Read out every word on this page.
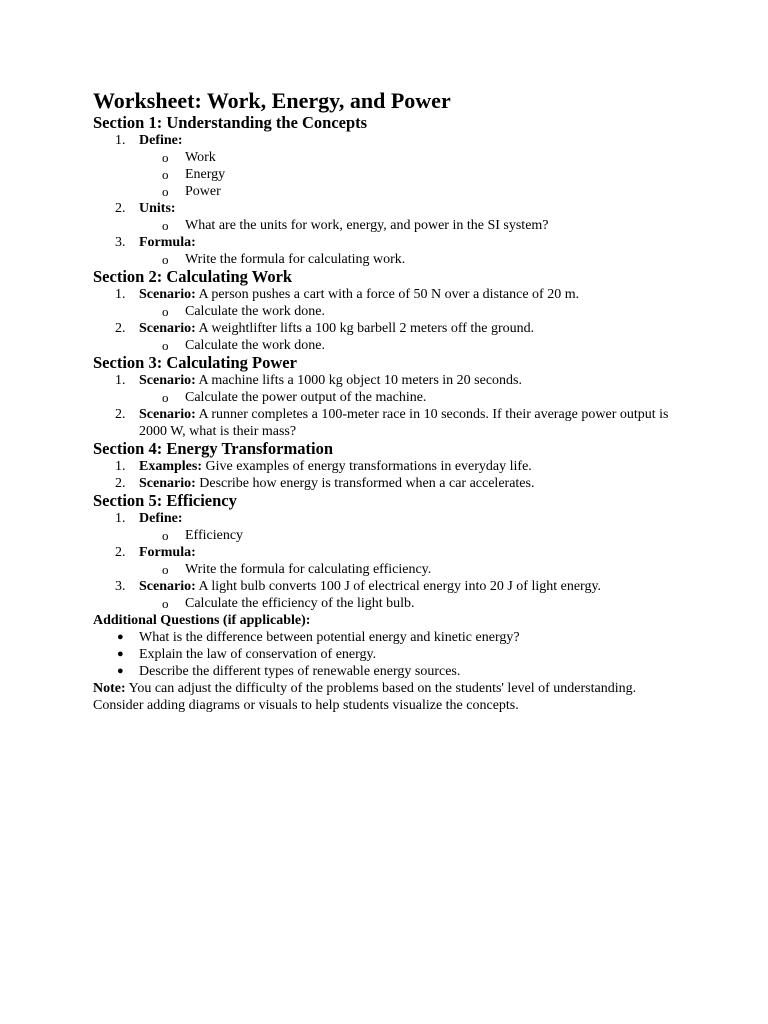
Worksheet: Work, Energy, and Power
Section 1: Understanding the Concepts
1. Define:
o Work
o Energy
o Power
2. Units:
o What are the units for work, energy, and power in the SI system?
3. Formula:
o Write the formula for calculating work.
Section 2: Calculating Work
1. Scenario: A person pushes a cart with a force of 50 N over a distance of 20 m.
o Calculate the work done.
2. Scenario: A weightlifter lifts a 100 kg barbell 2 meters off the ground.
o Calculate the work done.
Section 3: Calculating Power
1. Scenario: A machine lifts a 1000 kg object 10 meters in 20 seconds.
o Calculate the power output of the machine.
2. Scenario: A runner completes a 100-meter race in 10 seconds. If their average power output is 2000 W, what is their mass?
Section 4: Energy Transformation
1. Examples: Give examples of energy transformations in everyday life.
2. Scenario: Describe how energy is transformed when a car accelerates.
Section 5: Efficiency
1. Define:
o Efficiency
2. Formula:
o Write the formula for calculating efficiency.
3. Scenario: A light bulb converts 100 J of electrical energy into 20 J of light energy.
o Calculate the efficiency of the light bulb.
Additional Questions (if applicable):
● What is the difference between potential energy and kinetic energy?
● Explain the law of conservation of energy.
● Describe the different types of renewable energy sources.

Note: You can adjust the difficulty of the problems based on the students' level of understanding. Consider adding diagrams or visuals to help students visualize the concepts.
